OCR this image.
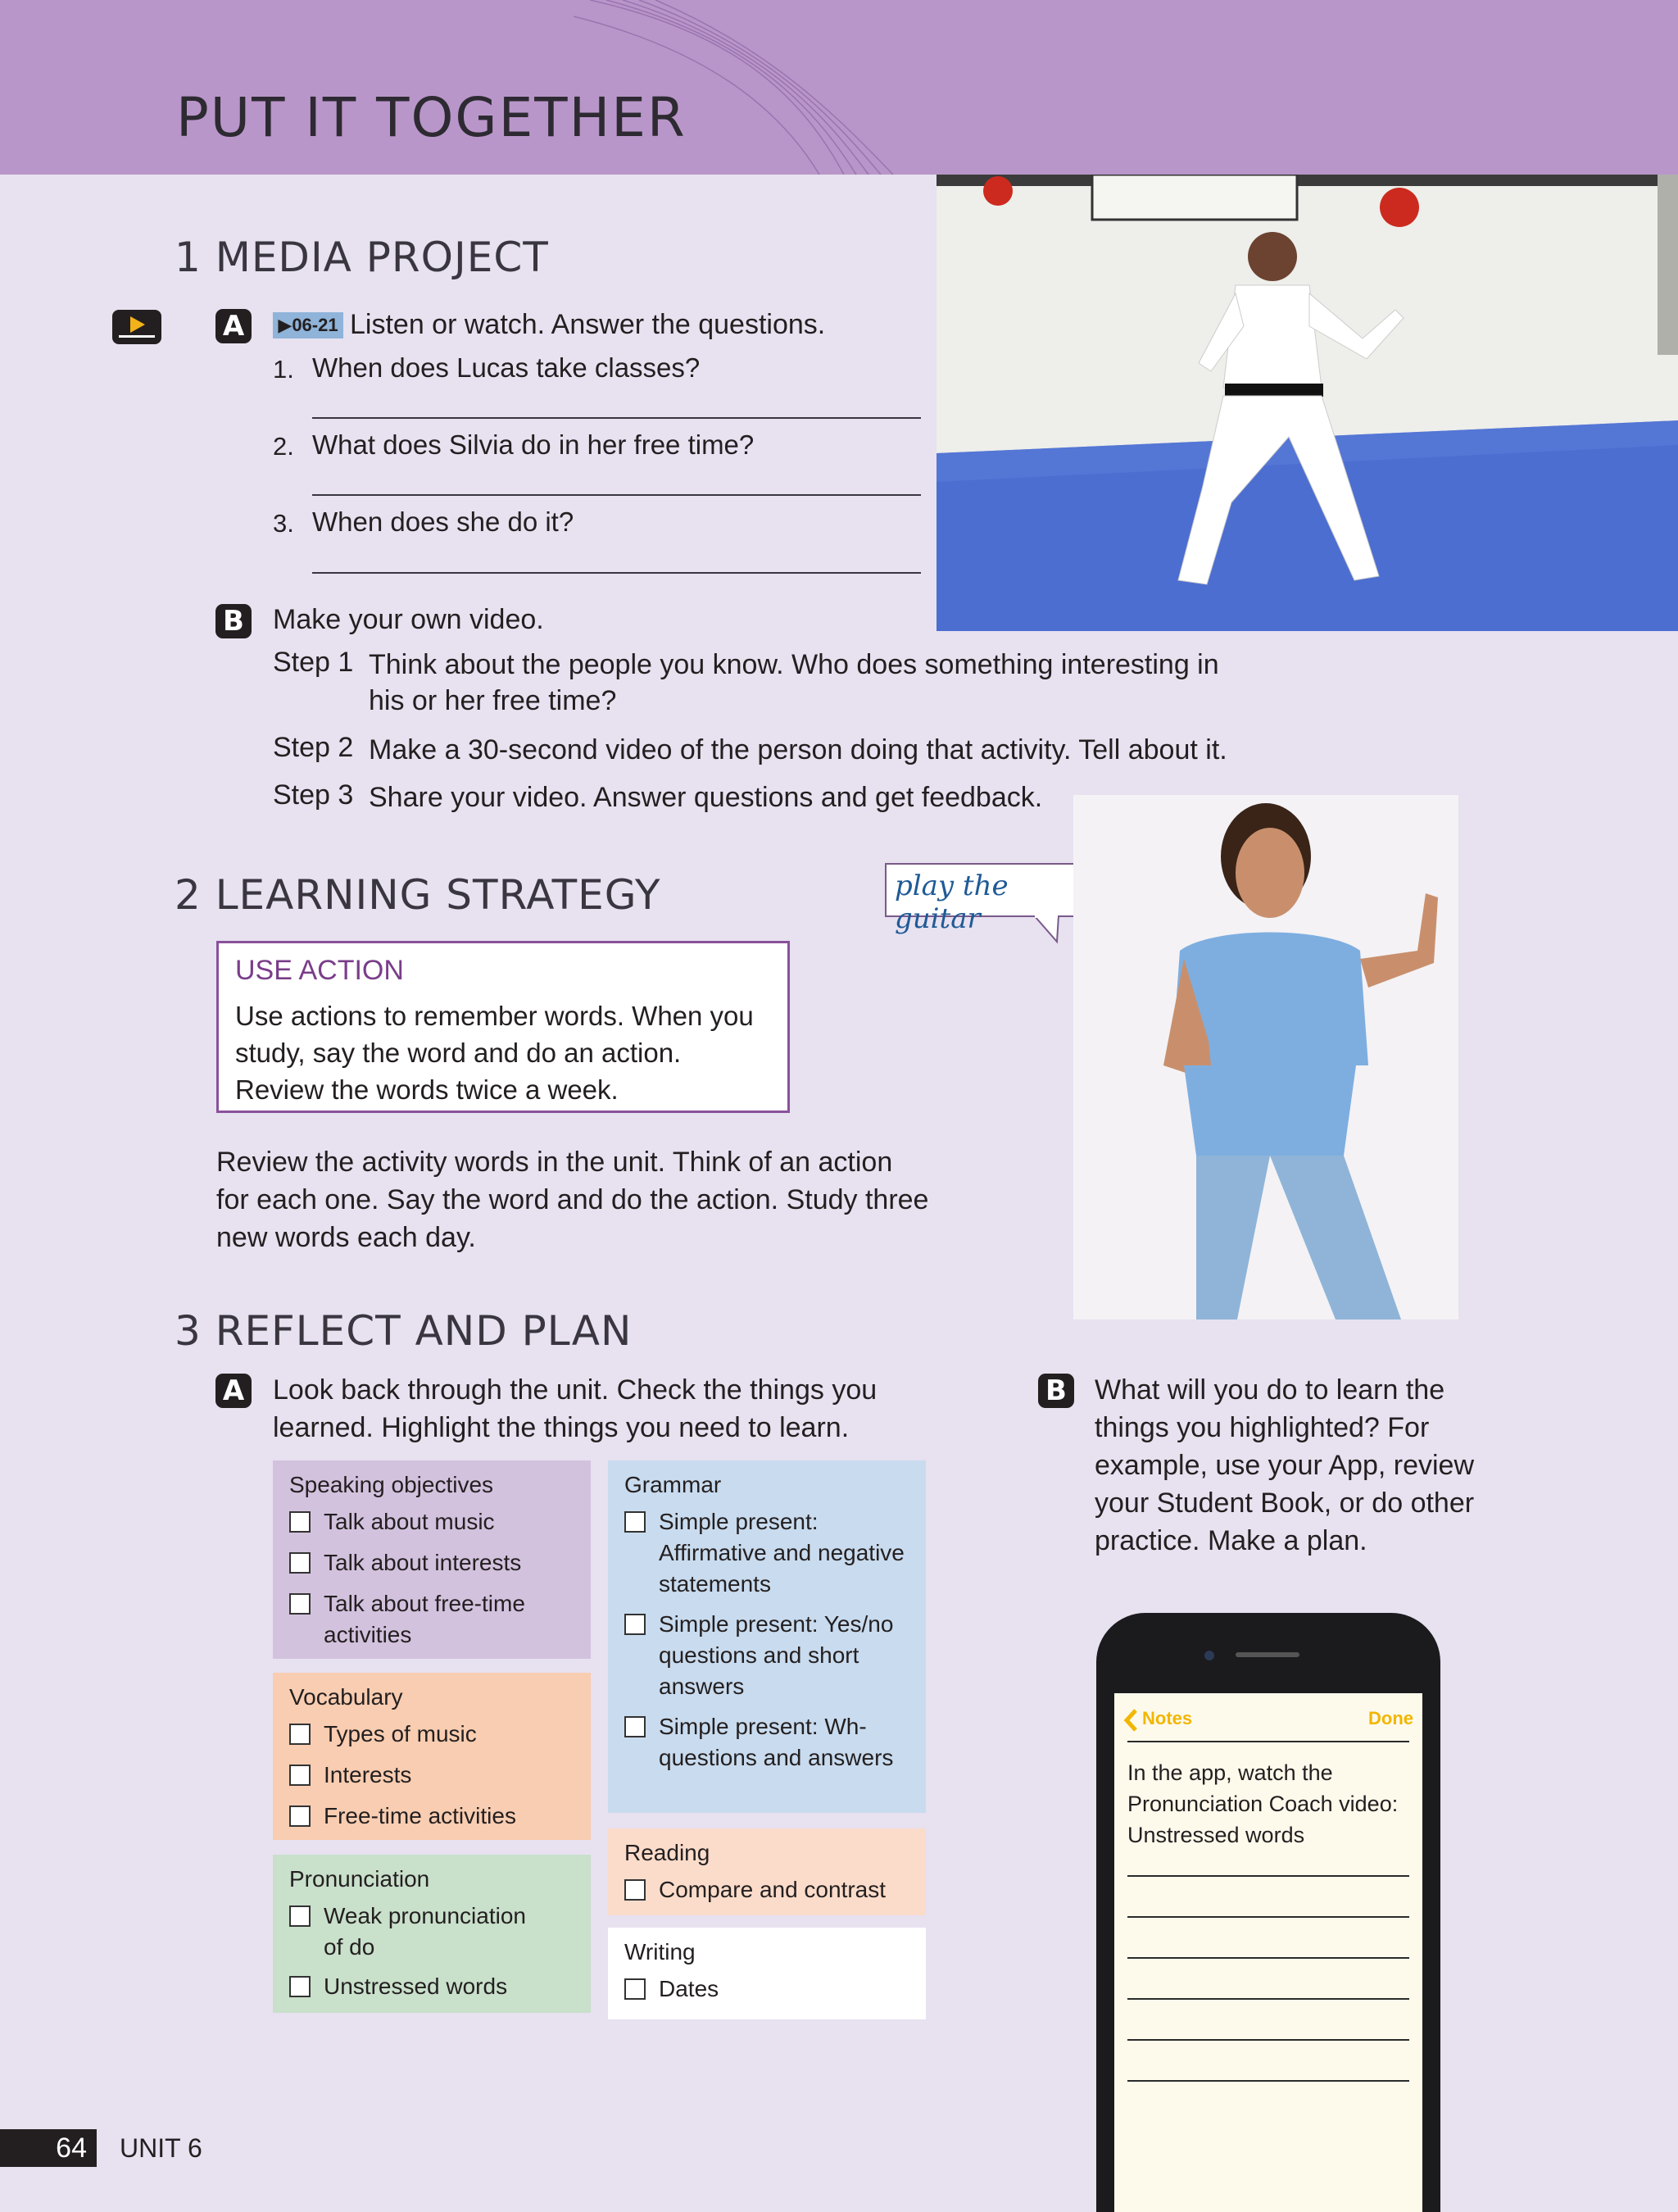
PUT IT TOGETHER
1 MEDIA PROJECT
A	▶06-21 Listen or watch. Answer the questions.
1. When does Lucas take classes?
2. What does Silvia do in her free time?
3. When does she do it?
B Make your own video.
Step 1 Think about the people you know. Who does something interesting in his or her free time?
Step 2 Make a 30-second video of the person doing that activity. Tell about it.
Step 3 Share your video. Answer questions and get feedback.
2 LEARNING STRATEGY	play the guitar
USE ACTION
Use actions to remember words. When you study, say the word and do an action. Review the words twice a week.
Review the activity words in the unit. Think of an action for each one. Say the word and do the action. Study three new words each day.
3 REFLECT AND PLAN
A Look back through the unit. Check the things you learned. Highlight the things you need to learn.
B What will you do to learn the things you highlighted? For example, use your App, review your Student Book, or do other practice. Make a plan.
Speaking objectives
Talk about music
Talk about interests
Talk about free-time activities
Vocabulary
Types of music
Interests
Free-time activities
Pronunciation
Weak pronunciation of do
Unstressed words
Grammar
Simple present: Affirmative and negative statements
Simple present: Yes/no questions and short answers
Simple present: Wh- questions and answers
Reading
Compare and contrast
Writing
Dates
Notes	Done
In the app, watch the Pronunciation Coach video: Unstressed words
64	UNIT 6
